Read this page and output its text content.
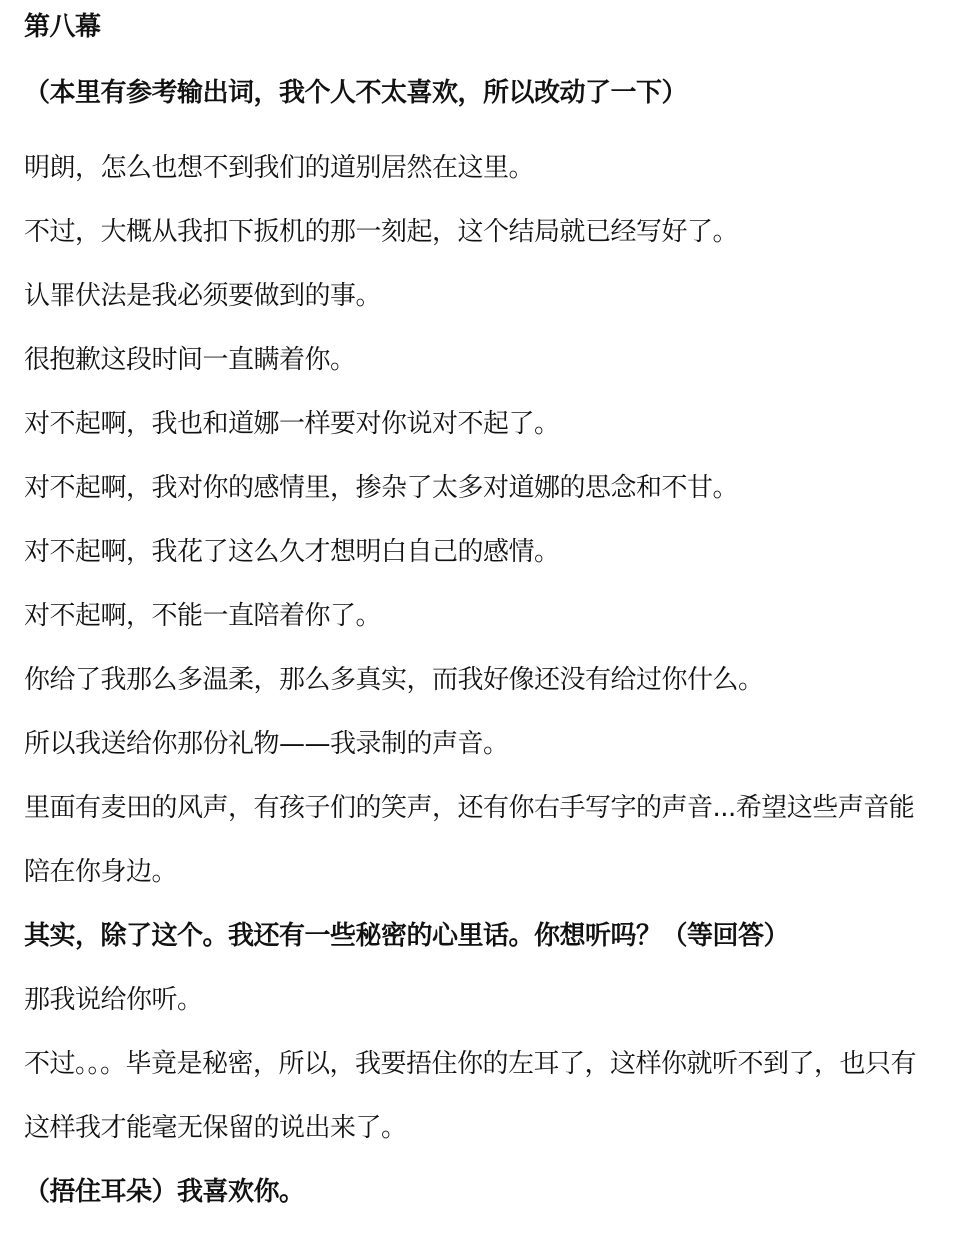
第八幕
（本里有参考输出词，我个人不太喜欢，所以改动了一下）
明朗，怎么也想不到我们的道别居然在这里。
不过，大概从我扣下扳机的那一刻起，这个结局就已经写好了。
认罪伏法是我必须要做到的事。
很抱歉这段时间一直瞒着你。
对不起啊，我也和道娜一样要对你说对不起了。
对不起啊，我对你的感情里，掺杂了太多对道娜的思念和不甘。
对不起啊，我花了这么久才想明白自己的感情。
对不起啊，不能一直陪着你了。
你给了我那么多温柔，那么多真实，而我好像还没有给过你什么。
所以我送给你那份礼物——我录制的声音。
里面有麦田的风声，有孩子们的笑声，还有你右手写字的声音...希望这些声音能
陪在你身边。
其实，除了这个。我还有一些秘密的心里话。你想听吗？（等回答）
那我说给你听。
不过。。。毕竟是秘密，所以，我要捂住你的左耳了，这样你就听不到了，也只有
这样我才能毫无保留的说出来了。
（捂住耳朵）我喜欢你。
